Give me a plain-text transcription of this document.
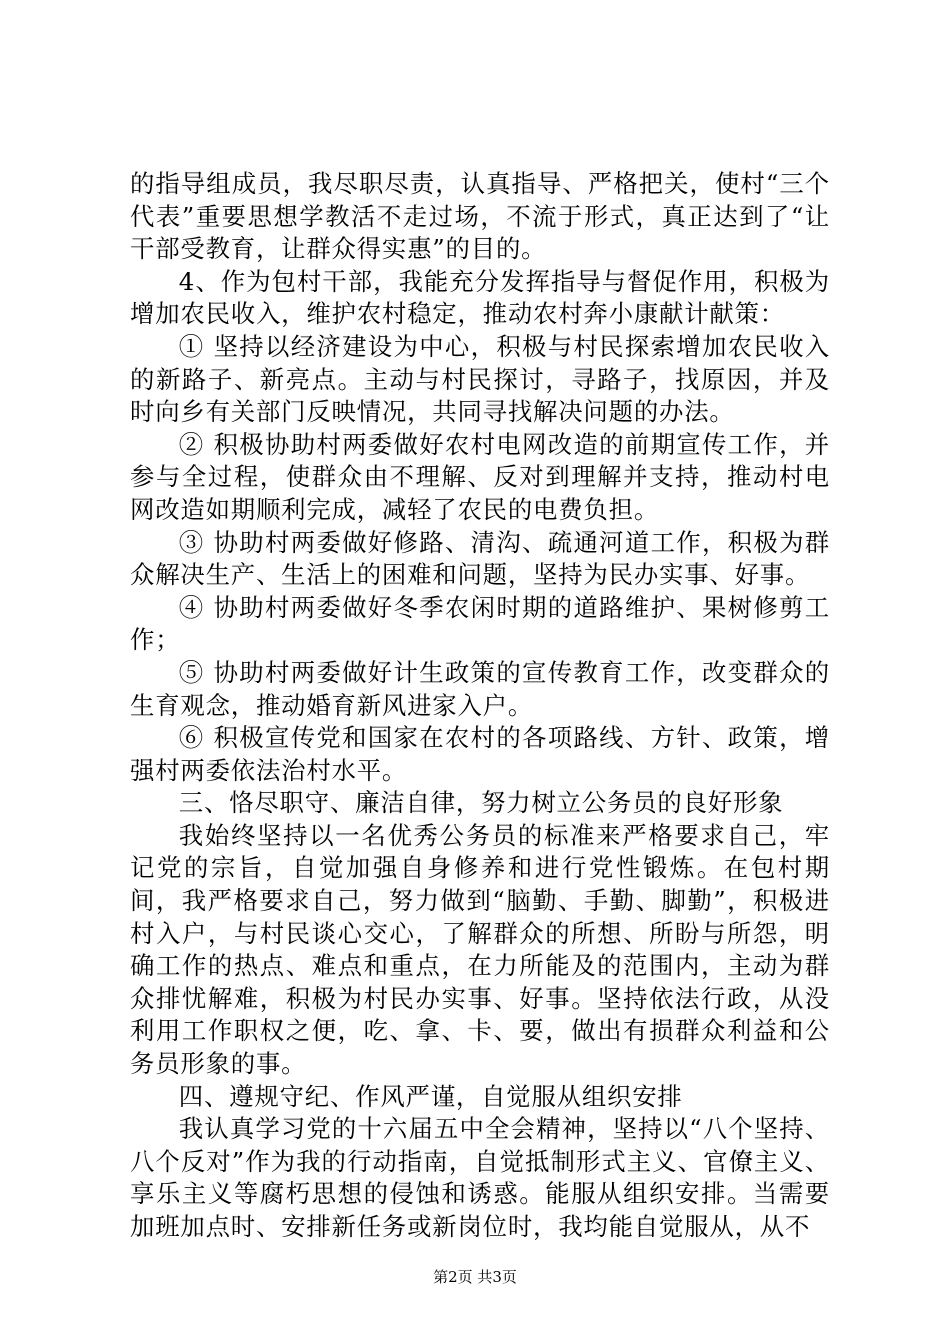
的指导组成员，我尽职尽责，认真指导、严格把关，使村“三个代表”重要思想学教活不走过场，不流于形式，真正达到了“让干部受教育，让群众得实惠”的目的。

4、作为包村干部，我能充分发挥指导与督促作用，积极为增加农民收入，维护农村稳定，推动农村奔小康献计献策：

① 坚持以经济建设为中心，积极与村民探索增加农民收入的新路子、新亮点。主动与村民探讨，寻路子，找原因，并及时向乡有关部门反映情况，共同寻找解决问题的办法。

② 积极协助村两委做好农村电网改造的前期宣传工作，并参与全过程，使群众由不理解、反对到理解并支持，推动村电网改造如期顺利完成，减轻了农民的电费负担。

③ 协助村两委做好修路、清沟、疏通河道工作，积极为群众解决生产、生活上的困难和问题，坚持为民办实事、好事。

④ 协助村两委做好冬季农闲时期的道路维护、果树修剪工作；

⑤ 协助村两委做好计生政策的宣传教育工作，改变群众的生育观念，推动婚育新风进家入户。

⑥ 积极宣传党和国家在农村的各项路线、方针、政策，增强村两委依法治村水平。

三、恪尽职守、廉洁自律，努力树立公务员的良好形象

我始终坚持以一名优秀公务员的标准来严格要求自己，牢记党的宗旨，自觉加强自身修养和进行党性锻炼。在包村期间，我严格要求自己，努力做到“脑勤、手勤、脚勤”，积极进村入户，与村民谈心交心，了解群众的所想、所盼与所怨，明确工作的热点、难点和重点，在力所能及的范围内，主动为群众排忧解难，积极为村民办实事、好事。坚持依法行政，从没利用工作职权之便，吃、拿、卡、要，做出有损群众利益和公务员形象的事。

四、遵规守纪、作风严谨，自觉服从组织安排

我认真学习党的十六届五中全会精神，坚持以“八个坚持、八个反对”作为我的行动指南，自觉抵制形式主义、官僚主义、享乐主义等腐朽思想的侵蚀和诱惑。能服从组织安排。当需要加班加点时、安排新任务或新岗位时，我均能自觉服从，从不

第2页 共3页
